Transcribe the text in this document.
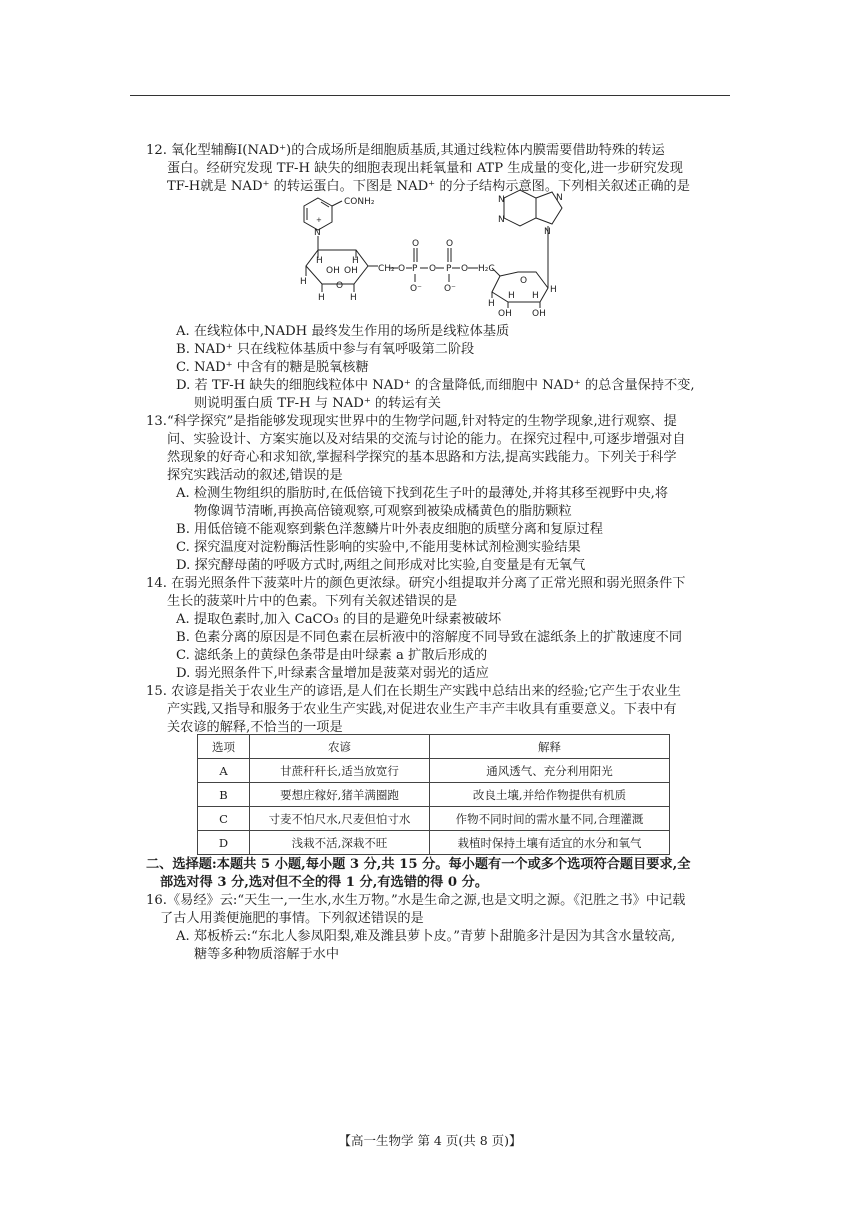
12. 氧化型辅酶Ⅰ(NAD⁺)的合成场所是细胞质基质,其通过线粒体内膜需要借助特殊的转运
蛋白。经研究发现 TF-H 缺失的细胞表现出耗氧量和 ATP 生成量的变化,进一步研究发现
TF-H就是 NAD⁺ 的转运蛋白。下图是 NAD⁺ 的分子结构示意图。下列相关叙述正确的是
CONH₂
N
+
H
H
OH OH
H
H	H
O
CH₂ O P
O
O⁻
O P
O
O⁻
O H₂C
H
H H
H
O
OH OH
N
N
N
N
A. 在线粒体中,NADH 最终发生作用的场所是线粒体基质
B. NAD⁺ 只在线粒体基质中参与有氧呼吸第二阶段
C. NAD⁺ 中含有的糖是脱氧核糖
D. 若 TF-H 缺失的细胞线粒体中 NAD⁺ 的含量降低,而细胞中 NAD⁺ 的总含量保持不变,
则说明蛋白质 TF-H 与 NAD⁺ 的转运有关
13.“科学探究”是指能够发现现实世界中的生物学问题,针对特定的生物学现象,进行观察、提
问、实验设计、方案实施以及对结果的交流与讨论的能力。在探究过程中,可逐步增强对自
然现象的好奇心和求知欲,掌握科学探究的基本思路和方法,提高实践能力。下列关于科学
探究实践活动的叙述,错误的是
A. 检测生物组织的脂肪时,在低倍镜下找到花生子叶的最薄处,并将其移至视野中央,将
物像调节清晰,再换高倍镜观察,可观察到被染成橘黄色的脂肪颗粒
B. 用低倍镜不能观察到紫色洋葱鳞片叶外表皮细胞的质壁分离和复原过程
C. 探究温度对淀粉酶活性影响的实验中,不能用斐林试剂检测实验结果
D. 探究酵母菌的呼吸方式时,两组之间形成对比实验,自变量是有无氧气
14. 在弱光照条件下菠菜叶片的颜色更浓绿。研究小组提取并分离了正常光照和弱光照条件下
生长的菠菜叶片中的色素。下列有关叙述错误的是
A. 提取色素时,加入 CaCO₃ 的目的是避免叶绿素被破坏
B. 色素分离的原因是不同色素在层析液中的溶解度不同导致在滤纸条上的扩散速度不同
C. 滤纸条上的黄绿色条带是由叶绿素 a 扩散后形成的
D. 弱光照条件下,叶绿素含量增加是菠菜对弱光的适应
15. 农谚是指关于农业生产的谚语,是人们在长期生产实践中总结出来的经验;它产生于农业生
产实践,又指导和服务于农业生产实践,对促进农业生产丰产丰收具有重要意义。下表中有
关农谚的解释,不恰当的一项是
选项	农谚	解释
A	甘蔗秆秆长,适当放宽行	通风透气、充分利用阳光
B	要想庄稼好,猪羊满圈跑	改良土壤,并给作物提供有机质
C	寸麦不怕尺水,尺麦但怕寸水	作物不同时间的需水量不同,合理灌溉
D	浅栽不活,深栽不旺	栽植时保持土壤有适宜的水分和氧气
二、选择题:本题共 5 小题,每小题 3 分,共 15 分。每小题有一个或多个选项符合题目要求,全
部选对得 3 分,选对但不全的得 1 分,有选错的得 0 分。
16.《易经》云:“天生一,一生水,水生万物。”水是生命之源,也是文明之源。《氾胜之书》中记载
了古人用粪便施肥的事情。下列叙述错误的是
A. 郑板桥云:“东北人参凤阳梨,难及潍县萝卜皮。”青萝卜甜脆多汁是因为其含水量较高,
糖等多种物质溶解于水中
【高一生物学 第 4 页(共 8 页)】
